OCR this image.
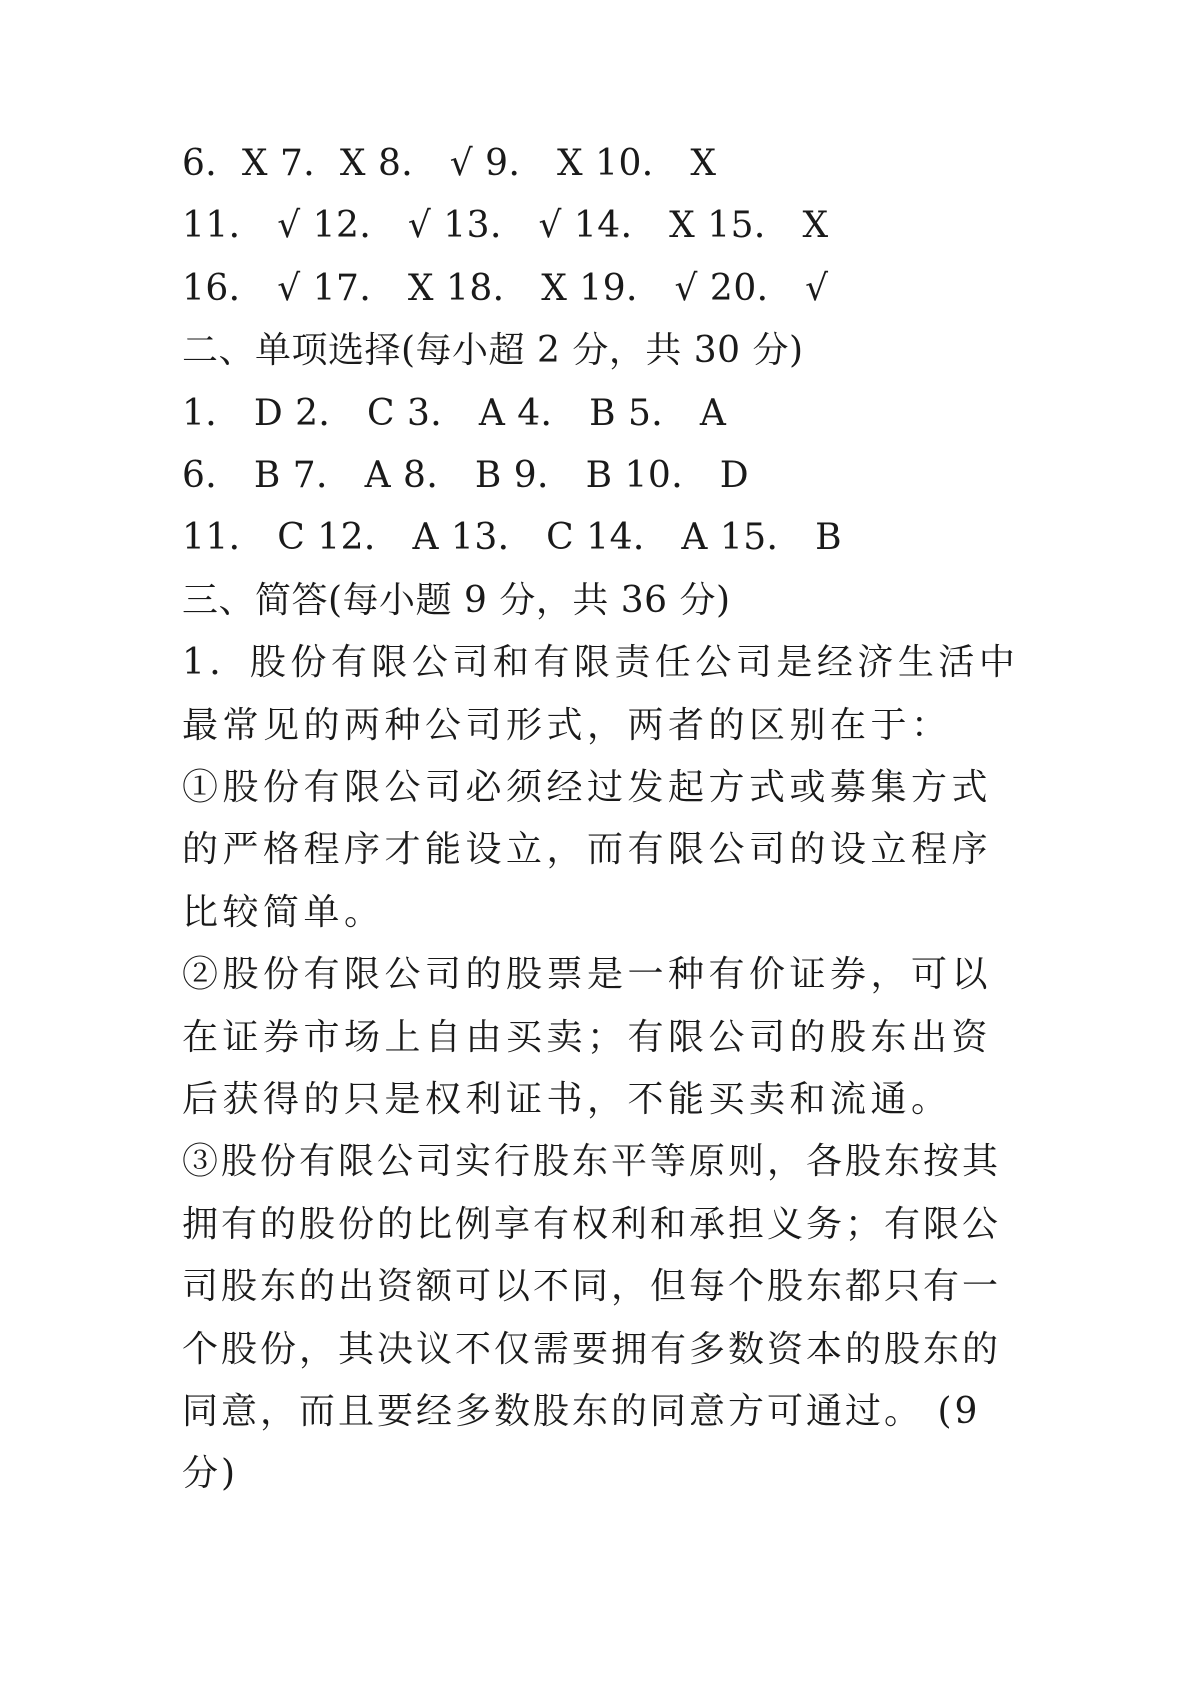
6．X 7．X 8． √ 9． X 10． X
11． √ 12． √ 13． √ 14． X 15． X
16． √ 17． X 18． X 19． √ 20． √
二、单项选择(每小超 2 分，共 30 分)
1． D 2． C 3． A 4． B 5． A
6． B 7． A 8． B 9． B 10． D
11． C 12． A 13． C 14． A 15． B
三、简答(每小题 9 分，共 36 分)

1．股份有限公司和有限责任公司是经济生活中最常见的两种公司形式，两者的区别在于：

①股份有限公司必须经过发起方式或募集方式的严格程序才能设立，而有限公司的设立程序比较简单。

②股份有限公司的股票是一种有价证券，可以在证券市场上自由买卖；有限公司的股东出资后获得的只是权利证书，不能买卖和流通。

③股份有限公司实行股东平等原则，各股东按其拥有的股份的比例享有权利和承担义务；有限公司股东的出资额可以不同，但每个股东都只有一个股份，其决议不仅需要拥有多数资本的股东的同意，而且要经多数股东的同意方可通过。 (9分)
